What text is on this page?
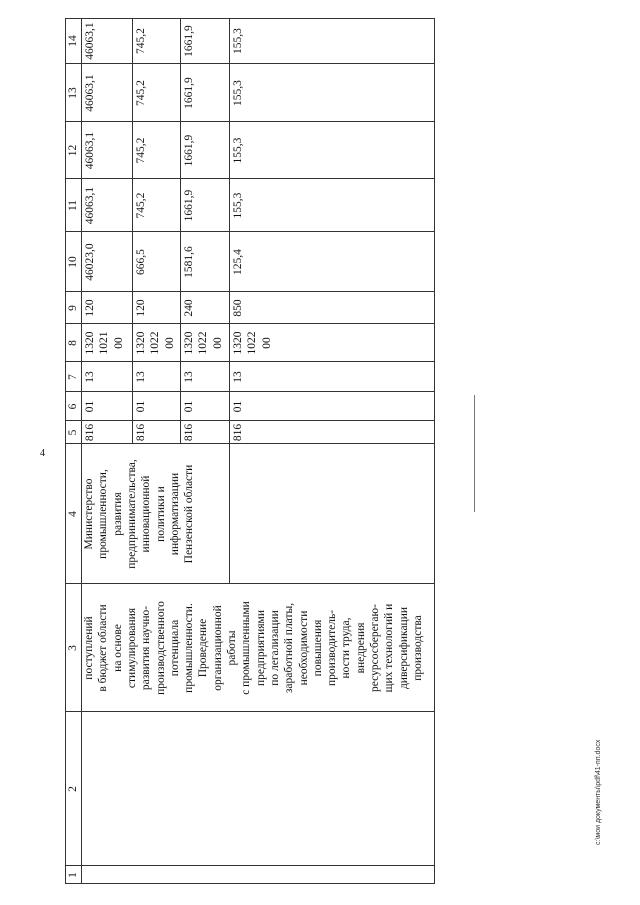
4
c:\мои документы\pdf\41-пп.docx
1
2
3
4
5
6
7
8
9
10
11
12
13
14
поступлений в бюджет области на основе стимулирования развития научно- производственного потенциала промышленности. Проведение организационной работы с промышленными предприятиями по легализации заработной платы, необходимости повышения производитель- ности труда, внедрения ресурсосберегаю- щих технологий и диверсификации производства
Министерство промышленности, развития предпринимательства, инновационной политики и информатизации Пензенской области
816
01
13
1320 1021 00
120
46023,0
46063,1
46063,1
46063,1
46063,1
816
01
13
1320 1022 00
120
666,5
745,2
745,2
745,2
745,2
816
01
13
1320 1022 00
240
1581,6
1661,9
1661,9
1661,9
1661,9
816
01
13
1320 1022 00
850
125,4
155,3
155,3
155,3
155,3
